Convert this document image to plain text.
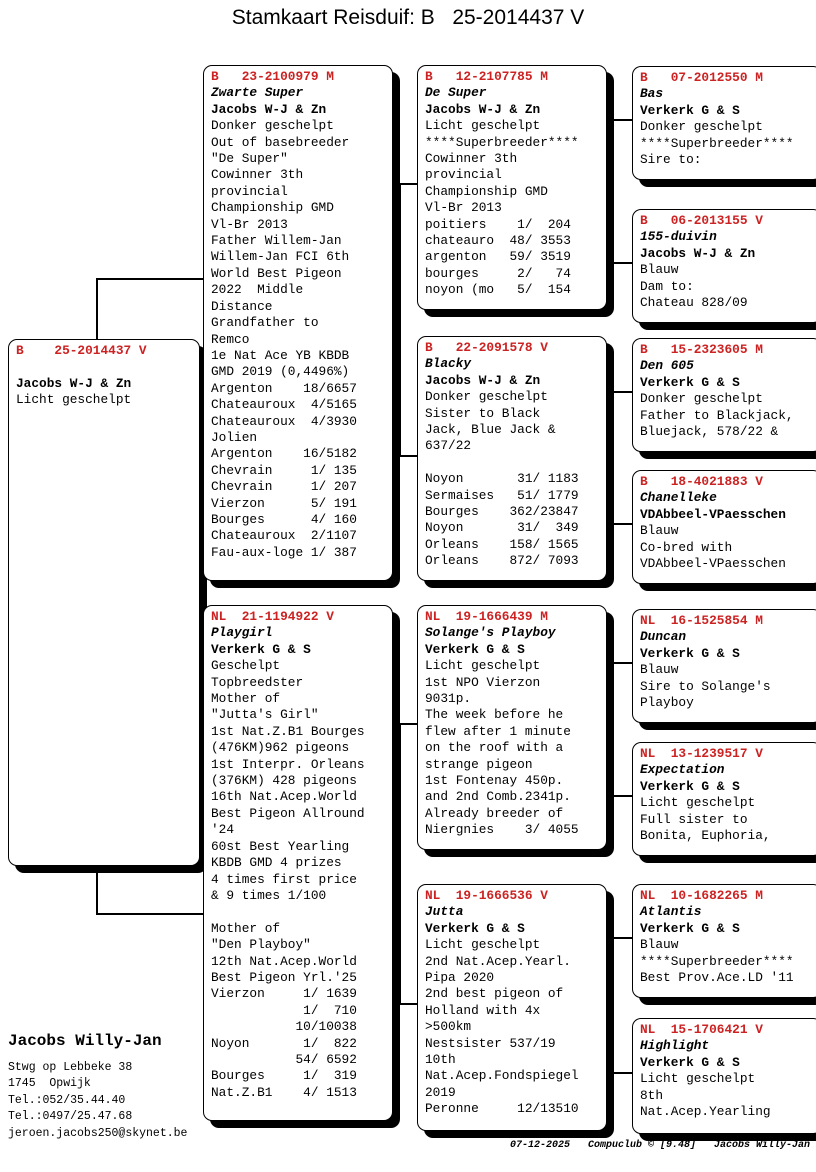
Stamkaart Reisduif: B   25-2014437 V
B    25-2014437 V

Jacobs W-J & Zn
Licht geschelpt
B   23-2100979 M
Zwarte Super
Jacobs W-J & Zn
Donker geschelpt
Out of basebreeder
"De Super"
Cowinner 3th
provincial
Championship GMD
Vl-Br 2013
Father Willem-Jan
Willem-Jan FCI 6th
World Best Pigeon
2022  Middle
Distance
Grandfather to
Remco
1e Nat Ace YB KBDB
GMD 2019 (0,4496%)
Argenton    18/6657
Chateauroux  4/5165
Chateauroux  4/3930
Jolien
Argenton    16/5182
Chevrain     1/ 135
Chevrain     1/ 207
Vierzon      5/ 191
Bourges      4/ 160
Chateauroux  2/1107
Fau-aux-loge 1/ 387
NL  21-1194922 V
Playgirl
Verkerk G & S
Geschelpt
Topbreedster
Mother of
"Jutta's Girl"
1st Nat.Z.B1 Bourges
(476KM)962 pigeons
1st Interpr. Orleans
(376KM) 428 pigeons
16th Nat.Acep.World
Best Pigeon Allround
'24
60st Best Yearling
KBDB GMD 4 prizes
4 times first price
& 9 times 1/100

Mother of
"Den Playboy"
12th Nat.Acep.World
Best Pigeon Yrl.'25
Vierzon     1/ 1639
1/  710
10/10038
Noyon       1/  822
54/ 6592
Bourges     1/  319
Nat.Z.B1    4/ 1513
B   12-2107785 M
De Super
Jacobs W-J & Zn
Licht geschelpt
****Superbreeder****
Cowinner 3th
provincial
Championship GMD
Vl-Br 2013
poitiers    1/  204
chateauro  48/ 3553
argenton   59/ 3519
bourges     2/   74
noyon (mo   5/  154
B   22-2091578 V
Blacky
Jacobs W-J & Zn
Donker geschelpt
Sister to Black
Jack, Blue Jack &
637/22

Noyon       31/ 1183
Sermaises   51/ 1779
Bourges    362/23847
Noyon       31/  349
Orleans    158/ 1565
Orleans    872/ 7093
NL  19-1666439 M
Solange's Playboy
Verkerk G & S
Licht geschelpt
1st NPO Vierzon
9031p.
The week before he
flew after 1 minute
on the roof with a
strange pigeon
1st Fontenay 450p.
and 2nd Comb.2341p.
Already breeder of
Niergnies    3/ 4055
NL  19-1666536 V
Jutta
Verkerk G & S
Licht geschelpt
2nd Nat.Acep.Yearl.
Pipa 2020
2nd best pigeon of
Holland with 4x
>500km
Nestsister 537/19
10th
Nat.Acep.Fondspiegel
2019
Peronne     12/13510
B   07-2012550 M
Bas
Verkerk G & S
Donker geschelpt
****Superbreeder****
Sire to:
B   06-2013155 V
155-duivin
Jacobs W-J & Zn
Blauw
Dam to:
Chateau 828/09
B   15-2323605 M
Den 605
Verkerk G & S
Donker geschelpt
Father to Blackjack,
Bluejack, 578/22 &
B   18-4021883 V
Chanelleke
VDAbbeel-VPaesschen
Blauw
Co-bred with
VDAbbeel-VPaesschen
NL  16-1525854 M
Duncan
Verkerk G & S
Blauw
Sire to Solange's
Playboy
NL  13-1239517 V
Expectation
Verkerk G & S
Licht geschelpt
Full sister to
Bonita, Euphoria,
NL  10-1682265 M
Atlantis
Verkerk G & S
Blauw
****Superbreeder****
Best Prov.Ace.LD '11
NL  15-1706421 V
Highlight
Verkerk G & S
Licht geschelpt
8th
Nat.Acep.Yearling
Jacobs Willy-Jan
Stwg op Lebbeke 38
1745  Opwijk
Tel.:052/35.44.40
Tel.:0497/25.47.68
jeroen.jacobs250@skynet.be
07-12-2025   Compuclub © [9.48]   Jacobs Willy-Jan
